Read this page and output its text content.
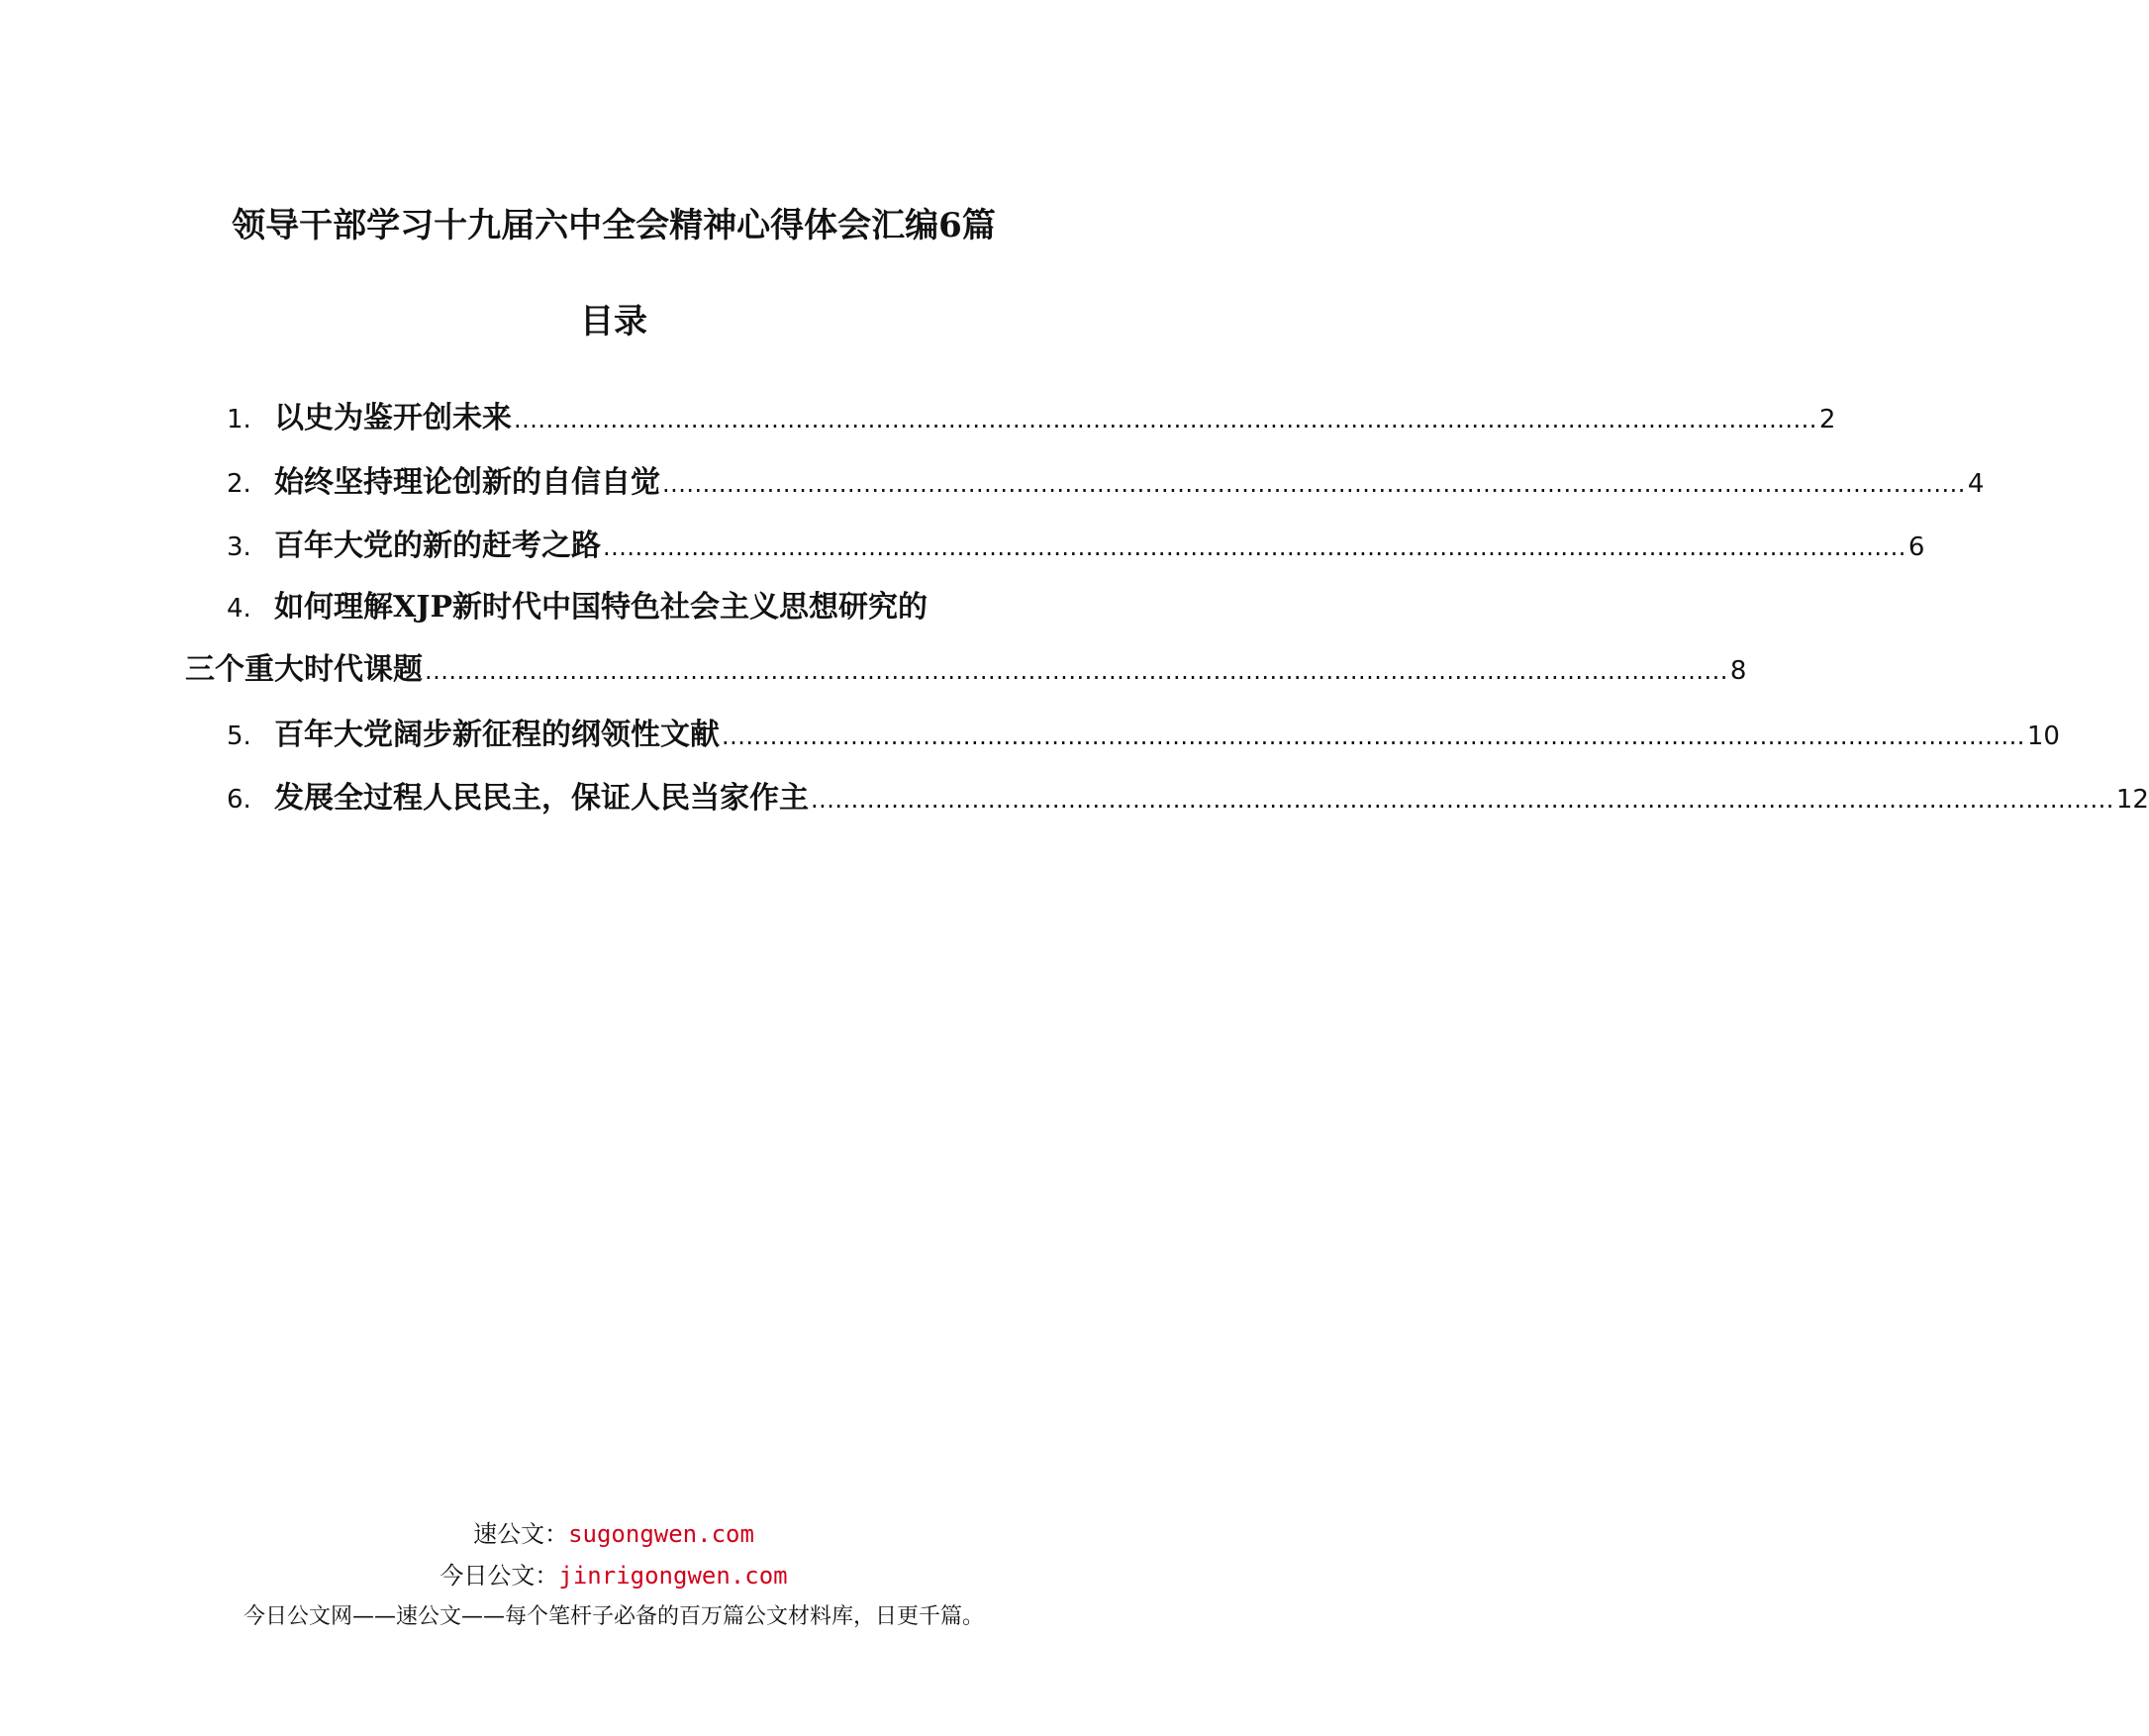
领导干部学习十九届六中全会精神心得体会汇编6篇
目录
1. 以史为鉴开创未来 .................................................................................................................................................................. 2
2. 始终坚持理论创新的自信自觉 .................................................................................................................................................................. 4
3. 百年大党的新的赶考之路 .................................................................................................................................................................. 6
4. 如何理解XJP新时代中国特色社会主义思想研究的
三个重大时代课题 .................................................................................................................................................................. 8
5. 百年大党阔步新征程的纲领性文献 .................................................................................................................................................................. 10
6. 发展全过程人民民主，保证人民当家作主 .................................................................................................................................................................. 12
速公文：sugongwen.com
今日公文：jinrigongwen.com
今日公文网——速公文——每个笔杆子必备的百万篇公文材料库，日更千篇。
